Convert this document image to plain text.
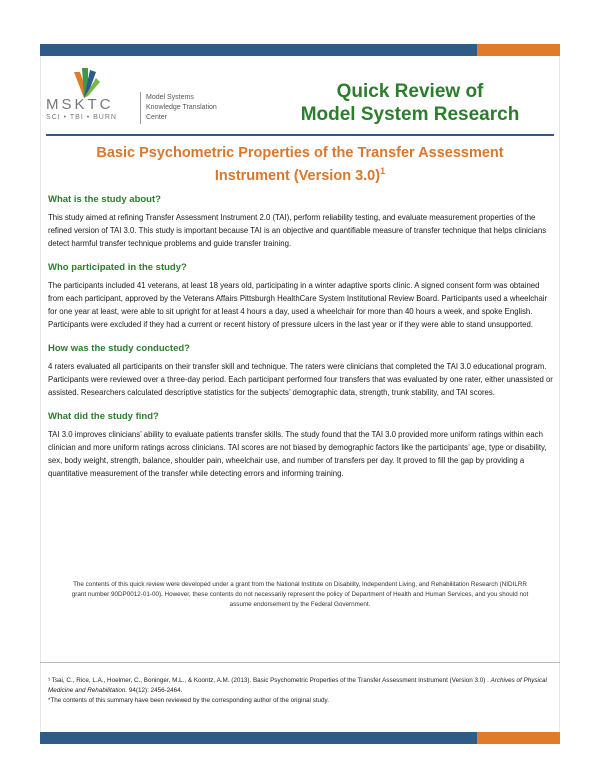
MSKTC
SCI • TBI • BURN
Model Systems
Knowledge Translation
Center
Quick Review of
Model System Research
Basic Psychometric Properties of the Transfer Assessment
Instrument (Version 3.0)$^1$
What is the study about?
This study aimed at refining Transfer Assessment Instrument 2.0 (TAI), perform reliability testing, and evaluate measurement properties of the refined version of TAI 3.0. This study is important because TAI is an objective and quantifiable measure of transfer technique that helps clinicians detect harmful transfer technique problems and guide transfer training.
Who participated in the study?
The participants included 41 veterans, at least 18 years old, participating in a winter adaptive sports clinic. A signed consent form was obtained from each participant, approved by the Veterans Affairs Pittsburgh HealthCare System Institutional Review Board. Participants used a wheelchair for one year at least, were able to sit upright for at least 4 hours a day, used a wheelchair for more than 40 hours a week, and spoke English. Participants were excluded if they had a current or recent history of pressure ulcers in the last year or if they were able to stand unsupported.
How was the study conducted?
4 raters evaluated all participants on their transfer skill and technique. The raters were clinicians that completed the TAI 3.0 educational program. Participants were reviewed over a three-day period. Each participant performed four transfers that was evaluated by one rater, either unassisted or assisted. Researchers calculated descriptive statistics for the subjects’ demographic data, strength, trunk stability, and TAI scores.
What did the study find?
TAI 3.0 improves clinicians’ ability to evaluate patients transfer skills. The study found that the TAI 3.0 provided more uniform ratings within each clinician and more uniform ratings across clinicians. TAI scores are not biased by demographic factors like the participants’ age, type or disability, sex, body weight, strength, balance, shoulder pain, wheelchair use, and number of transfers per day. It proved to fill the gap by providing a quantitative measurement of the transfer while detecting errors and informing training.
The contents of this quick review were developed under a grant from the National Institute on Disability, Independent Living, and Rehabilitation Research (NIDILRR grant number 90DP0012-01-00). However, these contents do not necessarily represent the policy of Department of Health and Human Services, and you should not assume endorsement by the Federal Government.
¹ Tsai, C., Rice, L.A., Hoelmer, C., Boninger, M.L., & Koontz, A.M. (2013). Basic Psychometric Properties of the Transfer Assessment Instrument (Version 3.0) . Archives of Physical Medicine and Rehabilitation. 94(12): 2456-2464.
*The contents of this summary have been reviewed by the corresponding author of the original study.
